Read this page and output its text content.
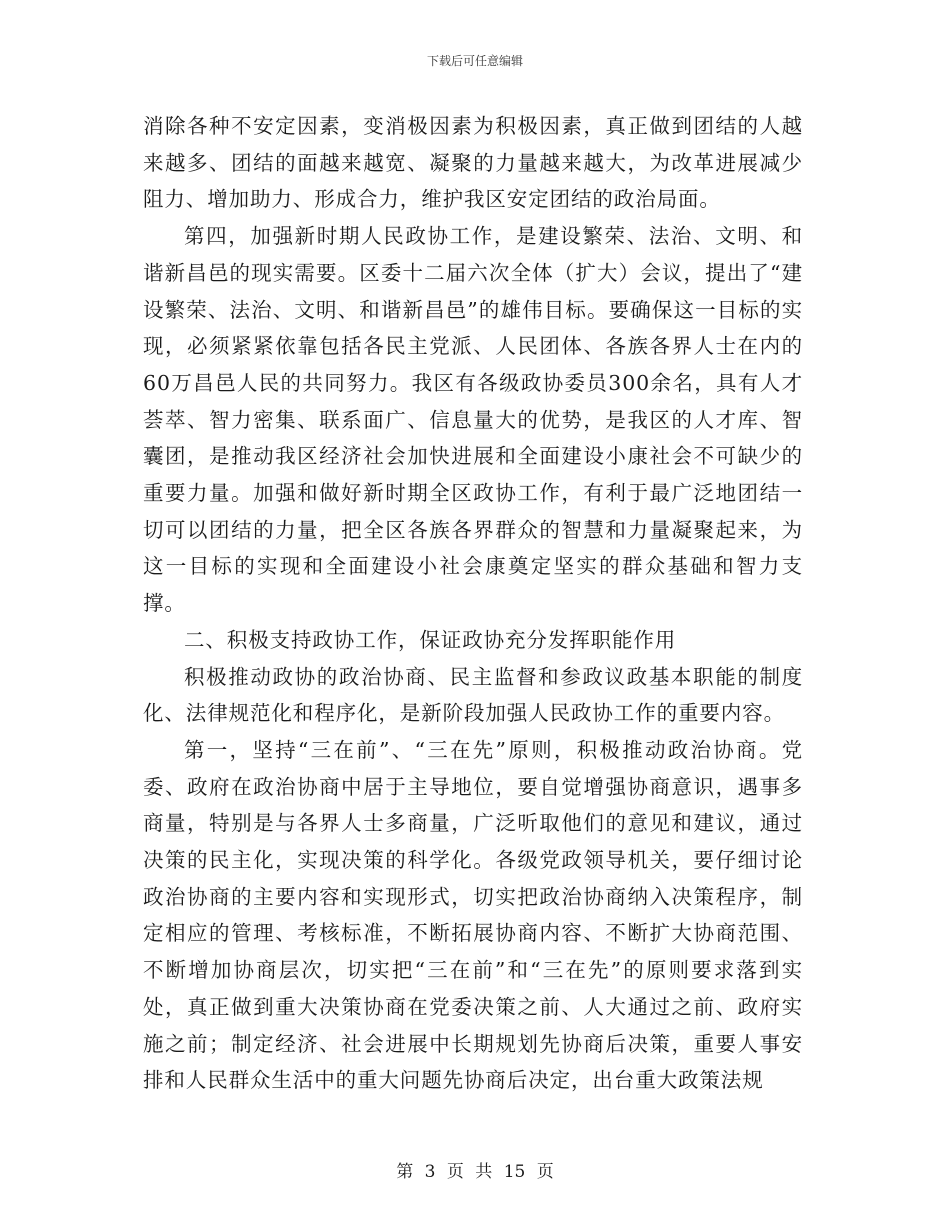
下载后可任意编辑

消除各种不安定因素，变消极因素为积极因素，真正做到团结的人越来越多、团结的面越来越宽、凝聚的力量越来越大，为改革进展减少阻力、增加助力、形成合力，维护我区安定团结的政治局面。

第四，加强新时期人民政协工作，是建设繁荣、法治、文明、和谐新昌邑的现实需要。区委十二届六次全体（扩大）会议，提出了“建设繁荣、法治、文明、和谐新昌邑”的雄伟目标。要确保这一目标的实现，必须紧紧依靠包括各民主党派、人民团体、各族各界人士在内的60万昌邑人民的共同努力。我区有各级政协委员300余名，具有人才荟萃、智力密集、联系面广、信息量大的优势，是我区的人才库、智囊团，是推动我区经济社会加快进展和全面建设小康社会不可缺少的重要力量。加强和做好新时期全区政协工作，有利于最广泛地团结一切可以团结的力量，把全区各族各界群众的智慧和力量凝聚起来，为这一目标的实现和全面建设小社会康奠定坚实的群众基础和智力支撑。

二、积极支持政协工作，保证政协充分发挥职能作用

积极推动政协的政治协商、民主监督和参政议政基本职能的制度化、法律规范化和程序化，是新阶段加强人民政协工作的重要内容。

第一，坚持“三在前”、“三在先”原则，积极推动政治协商。党委、政府在政治协商中居于主导地位，要自觉增强协商意识，遇事多商量，特别是与各界人士多商量，广泛听取他们的意见和建议，通过决策的民主化，实现决策的科学化。各级党政领导机关，要仔细讨论政治协商的主要内容和实现形式，切实把政治协商纳入决策程序，制定相应的管理、考核标准，不断拓展协商内容、不断扩大协商范围、不断增加协商层次，切实把“三在前”和“三在先”的原则要求落到实处，真正做到重大决策协商在党委决策之前、人大通过之前、政府实施之前；制定经济、社会进展中长期规划先协商后决策，重要人事安排和人民群众生活中的重大问题先协商后决定，出台重大政策法规

第 3 页 共 15 页
